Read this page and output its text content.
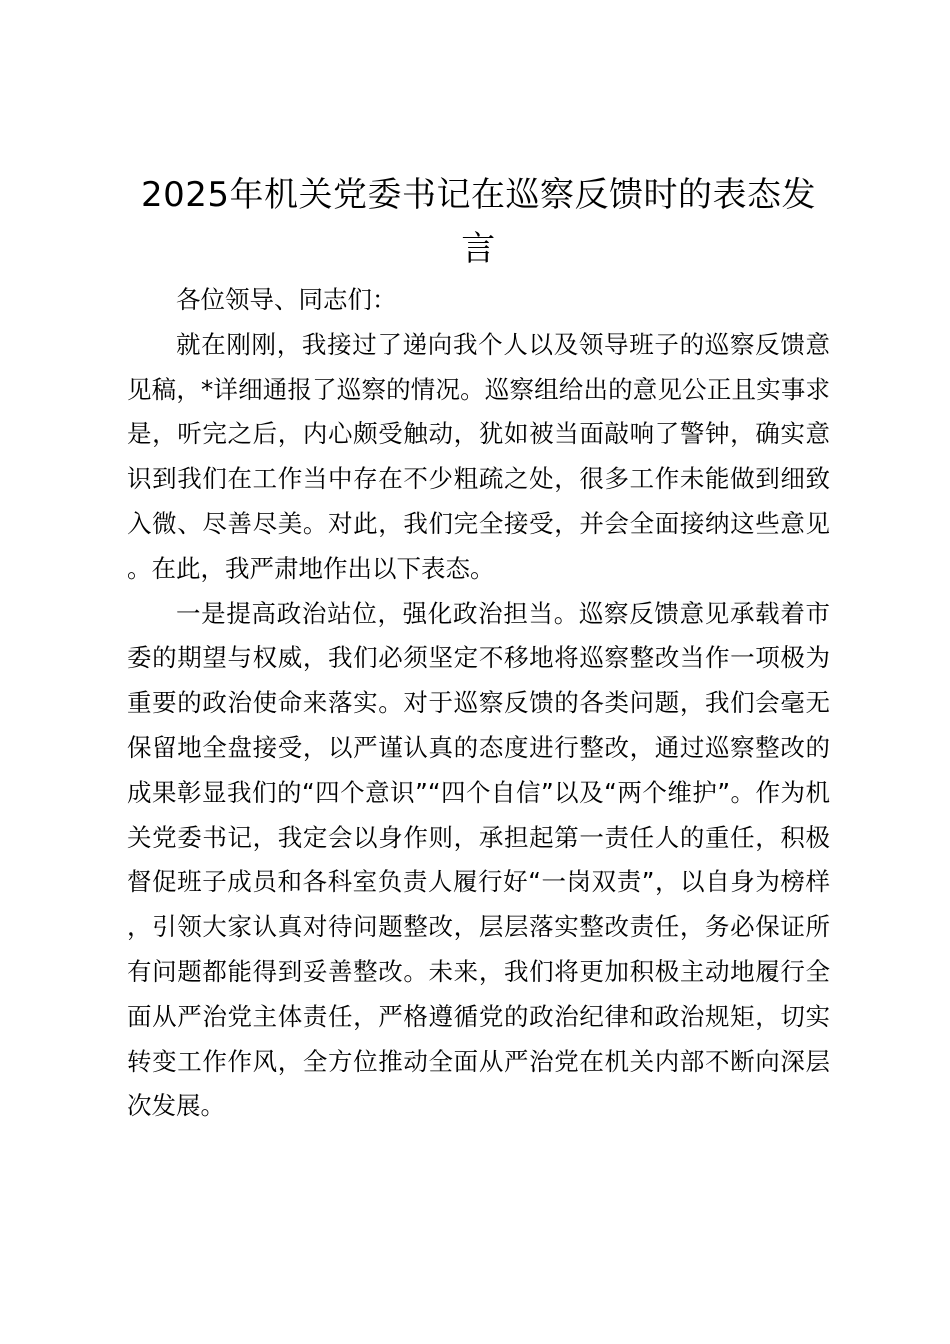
2025年机关党委书记在巡察反馈时的表态发言

各位领导、同志们：

就在刚刚，我接过了递向我个人以及领导班子的巡察反馈意见稿，*详细通报了巡察的情况。巡察组给出的意见公正且实事求是，听完之后，内心颇受触动，犹如被当面敲响了警钟，确实意识到我们在工作当中存在不少粗疏之处，很多工作未能做到细致入微、尽善尽美。对此，我们完全接受，并会全面接纳这些意见。在此，我严肃地作出以下表态。

一是提高政治站位，强化政治担当。巡察反馈意见承载着市委的期望与权威，我们必须坚定不移地将巡察整改当作一项极为重要的政治使命来落实。对于巡察反馈的各类问题，我们会毫无保留地全盘接受，以严谨认真的态度进行整改，通过巡察整改的成果彰显我们的“四个意识”“四个自信”以及“两个维护”。作为机关党委书记，我定会以身作则，承担起第一责任人的重任，积极督促班子成员和各科室负责人履行好“一岗双责”，以自身为榜样，引领大家认真对待问题整改，层层落实整改责任，务必保证所有问题都能得到妥善整改。未来，我们将更加积极主动地履行全面从严治党主体责任，严格遵循党的政治纪律和政治规矩，切实转变工作作风，全方位推动全面从严治党在机关内部不断向深层次发展。
